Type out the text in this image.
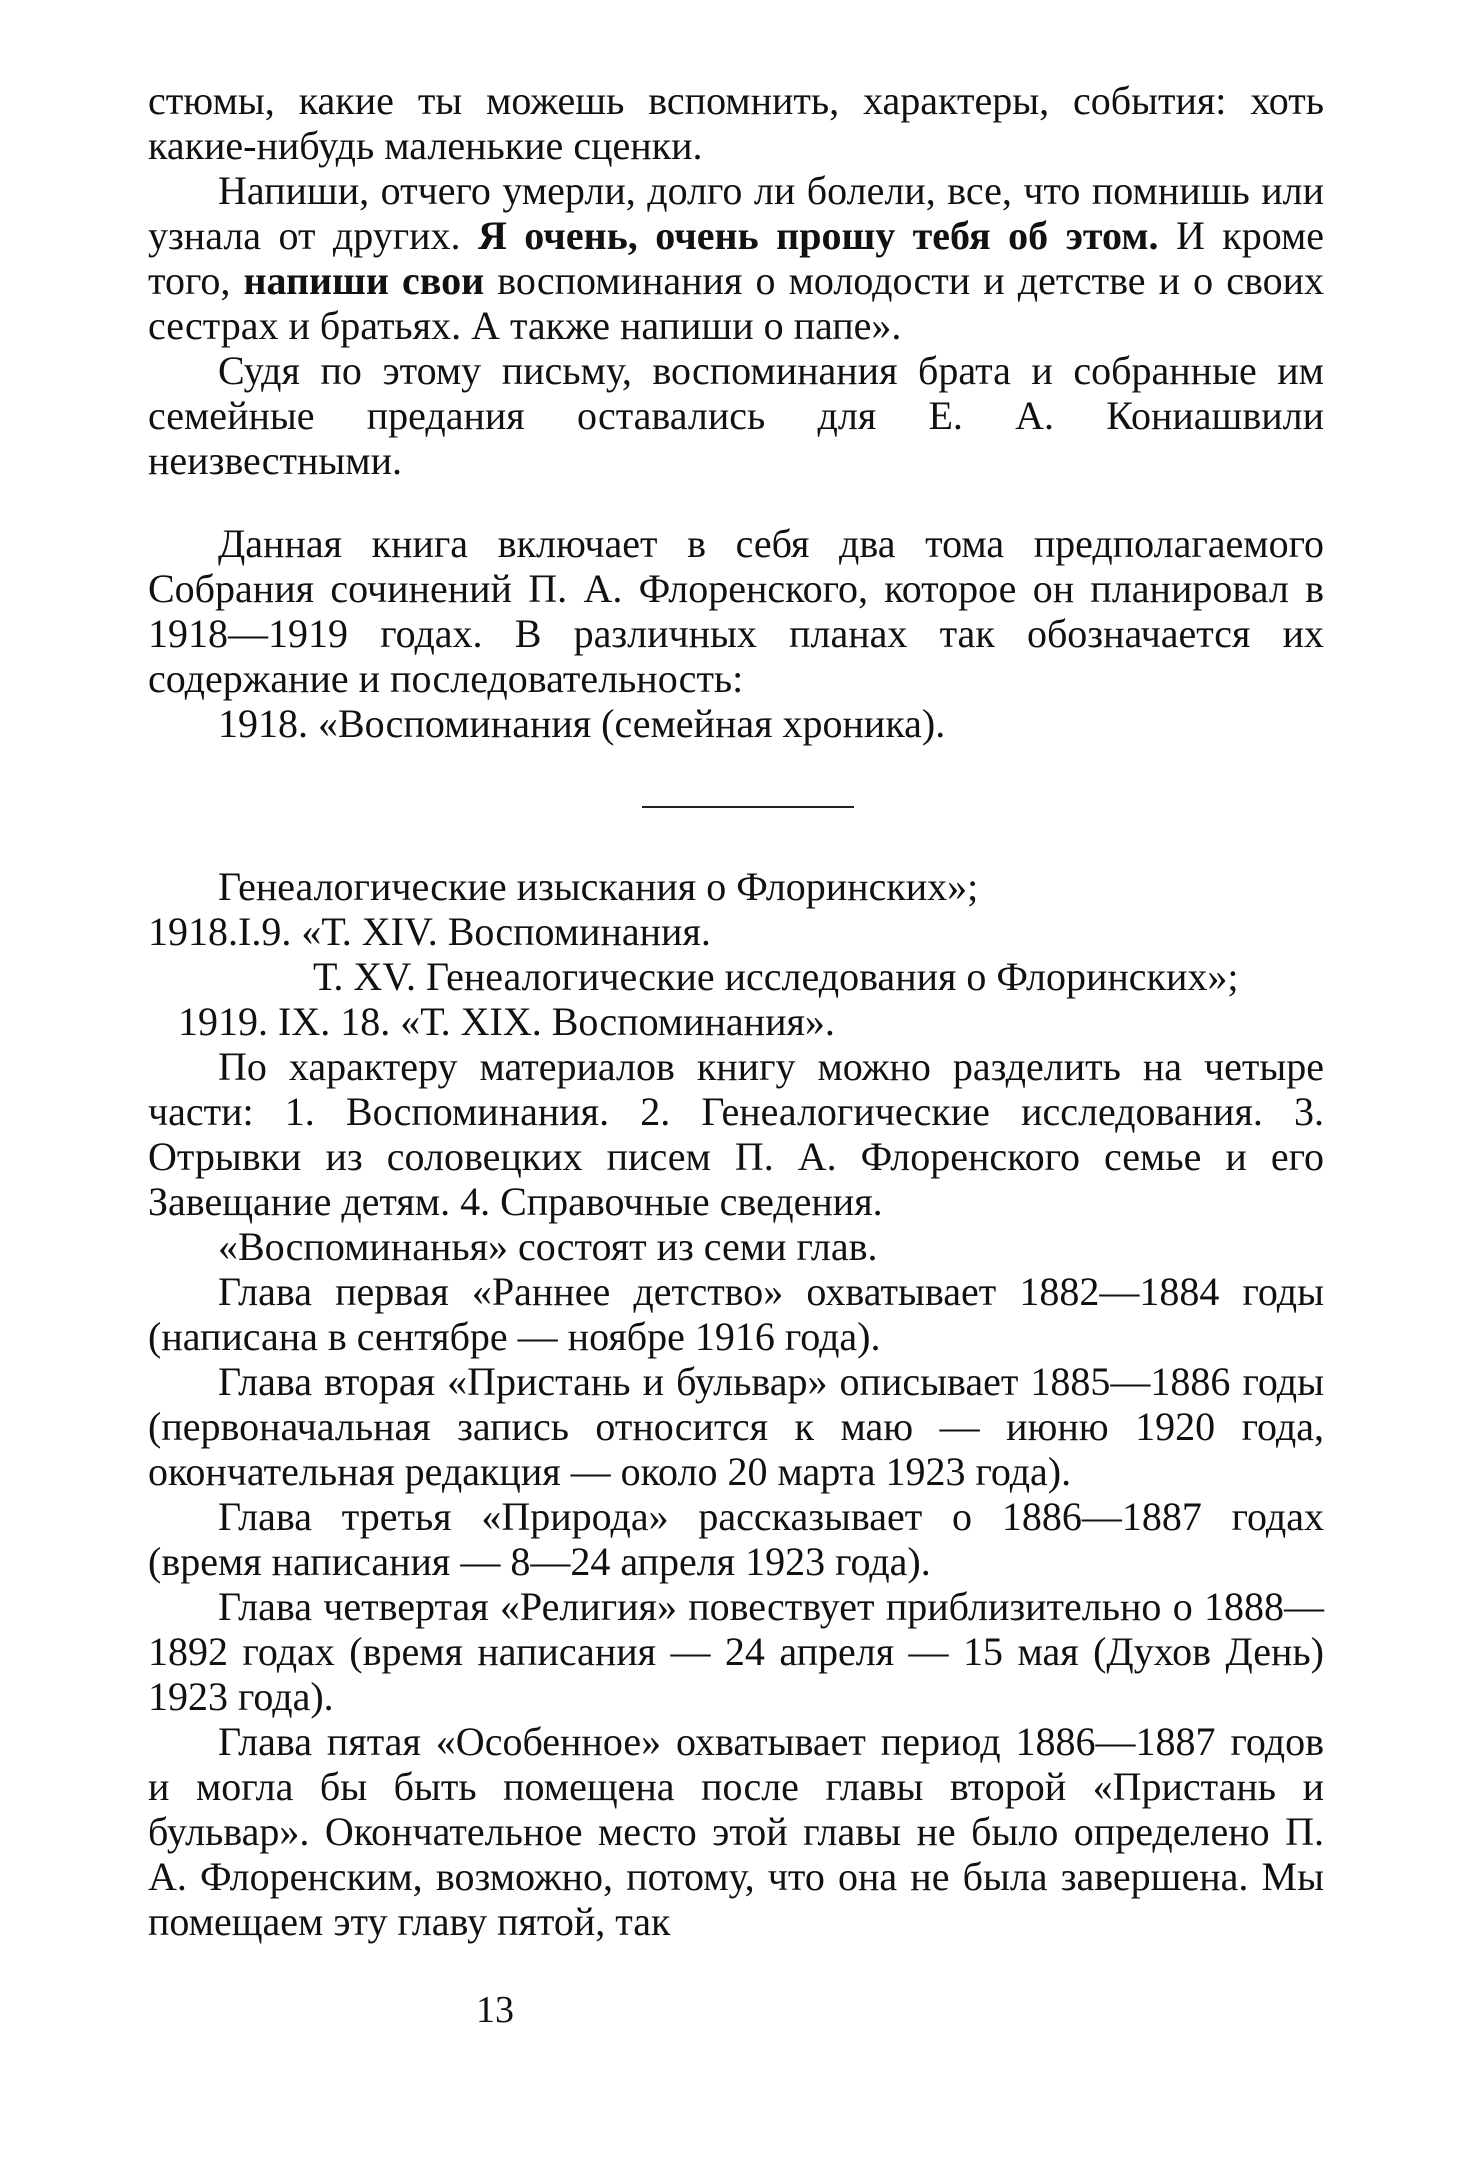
стюмы, какие ты можешь вспомнить, характеры, события: хоть какие-нибудь маленькие сценки.

Напиши, отчего умерли, долго ли болели, все, что помнишь или узнала от других. Я очень, очень прошу тебя об этом. И кроме того, напиши свои воспоминания о молодости и детстве и о своих сестрах и братьях. А также напиши о папе».

Судя по этому письму, воспоминания брата и собранные им семейные предания оставались для Е. А. Кониашвили неизвестными.

Данная книга включает в себя два тома предполагаемого Собрания сочинений П. А. Флоренского, которое он планировал в 1918—1919 годах. В различных планах так обозначается их содержание и последовательность:

1918. «Воспоминания (семейная хроника).

Генеалогические изыскания о Флоринских»;

1918.I.9. «Т. XIV. Воспоминания.

Т. XV. Генеалогические исследования о Флоринских»;

1919. IX. 18. «Т. XIX. Воспоминания».

По характеру материалов книгу можно разделить на четыре части: 1. Воспоминания. 2. Генеалогические исследования. 3. Отрывки из соловецких писем П. А. Флоренского семье и его Завещание детям. 4. Справочные сведения.

«Воспоминанья» состоят из семи глав.

Глава первая «Раннее детство» охватывает 1882—1884 годы (написана в сентябре — ноябре 1916 года).

Глава вторая «Пристань и бульвар» описывает 1885—1886 годы (первоначальная запись относится к маю — июню 1920 года, окончательная редакция — около 20 марта 1923 года).

Глава третья «Природа» рассказывает о 1886—1887 годах (время написания — 8—24 апреля 1923 года).

Глава четвертая «Религия» повествует приблизительно о 1888—1892 годах (время написания — 24 апреля — 15 мая (Духов День) 1923 года).

Глава пятая «Особенное» охватывает период 1886—1887 годов и могла бы быть помещена после главы второй «Пристань и бульвар». Окончательное место этой главы не было определено П. А. Флоренским, возможно, потому, что она не была завершена. Мы помещаем эту главу пятой, так

13
